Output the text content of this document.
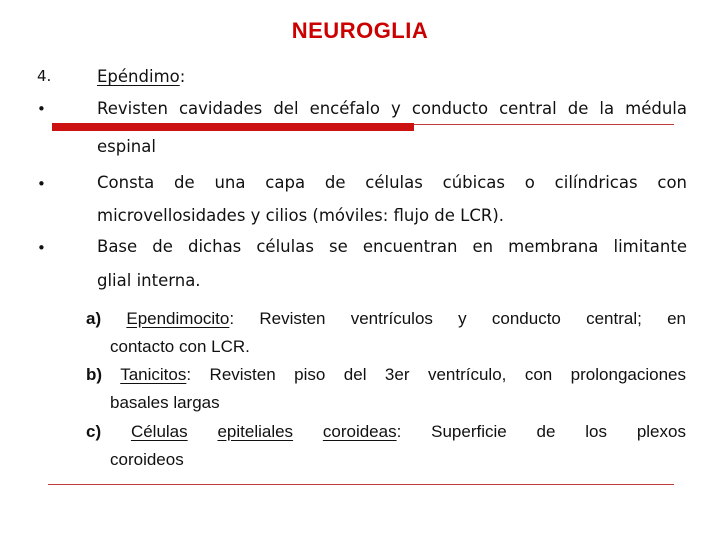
NEUROGLIA
4.	Epéndimo:
•	Revisten cavidades del encéfalo y conducto central de la médula
espinal
•	Consta de una capa de células cúbicas o cilíndricas con
microvellosidades y cilios (móviles: flujo de LCR).
•	Base de dichas células se encuentran en membrana limitante
glial interna.
a) Ependimocito: Revisten ventrículos y conducto central; en
contacto con LCR.
b) Tanicitos: Revisten piso del 3er ventrículo, con prolongaciones
basales largas
c) Células epiteliales coroideas: Superficie de los plexos
coroideos
